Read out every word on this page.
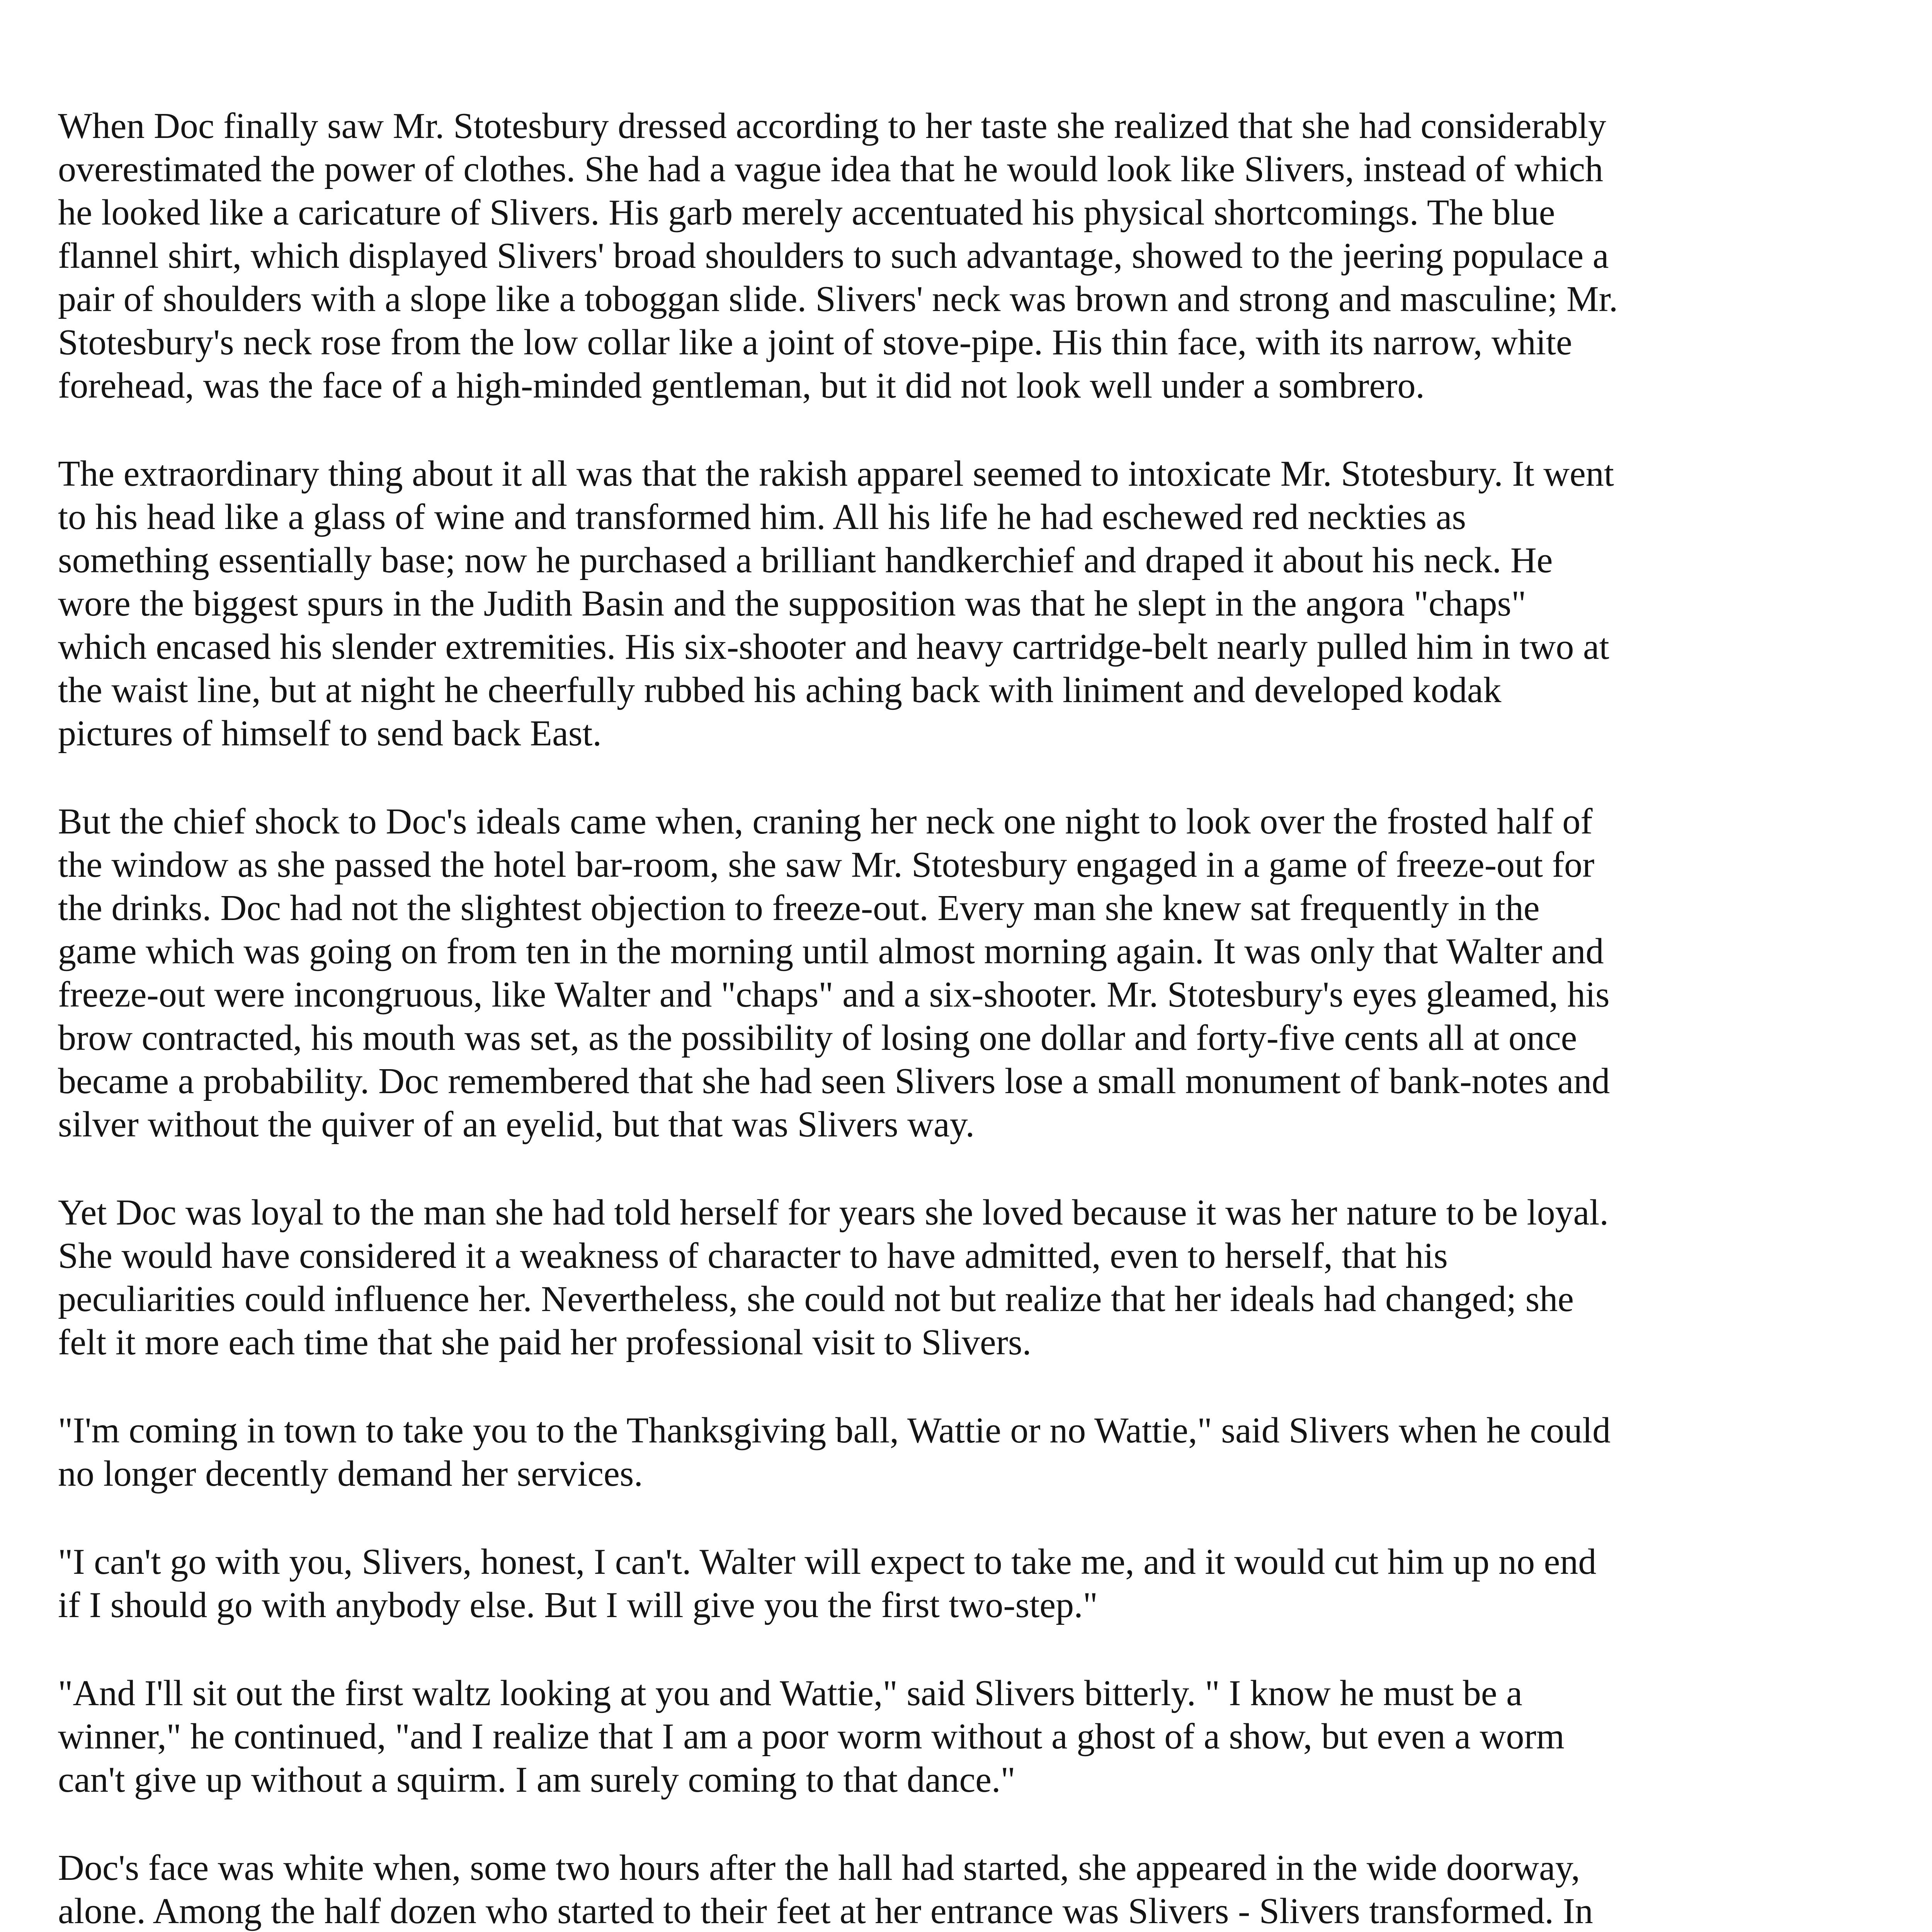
When Doc finally saw Mr. Stotesbury dressed according to her taste she realized that she had considerably
overestimated the power of clothes. She had a vague idea that he would look like Slivers, instead of which
he looked like a caricature of Slivers. His garb merely accentuated his physical shortcomings. The blue
flannel shirt, which displayed Slivers' broad shoulders to such advantage, showed to the jeering populace a
pair of shoulders with a slope like a toboggan slide. Slivers' neck was brown and strong and masculine; Mr.
Stotesbury's neck rose from the low collar like a joint of stove-pipe. His thin face, with its narrow, white
forehead, was the face of a high-minded gentleman, but it did not look well under a sombrero.

The extraordinary thing about it all was that the rakish apparel seemed to intoxicate Mr. Stotesbury. It went
to his head like a glass of wine and transformed him. All his life he had eschewed red neckties as
something essentially base; now he purchased a brilliant handkerchief and draped it about his neck. He
wore the biggest spurs in the Judith Basin and the supposition was that he slept in the angora "chaps"
which encased his slender extremities. His six-shooter and heavy cartridge-belt nearly pulled him in two at
the waist line, but at night he cheerfully rubbed his aching back with liniment and developed kodak
pictures of himself to send back East.

But the chief shock to Doc's ideals came when, craning her neck one night to look over the frosted half of
the window as she passed the hotel bar-room, she saw Mr. Stotesbury engaged in a game of freeze-out for
the drinks. Doc had not the slightest objection to freeze-out. Every man she knew sat frequently in the
game which was going on from ten in the morning until almost morning again. It was only that Walter and
freeze-out were incongruous, like Walter and "chaps" and a six-shooter. Mr. Stotesbury's eyes gleamed, his
brow contracted, his mouth was set, as the possibility of losing one dollar and forty-five cents all at once
became a probability. Doc remembered that she had seen Slivers lose a small monument of bank-notes and
silver without the quiver of an eyelid, but that was Slivers way.

Yet Doc was loyal to the man she had told herself for years she loved because it was her nature to be loyal.
She would have considered it a weakness of character to have admitted, even to herself, that his
peculiarities could influence her. Nevertheless, she could not but realize that her ideals had changed; she
felt it more each time that she paid her professional visit to Slivers.

"I'm coming in town to take you to the Thanksgiving ball, Wattie or no Wattie," said Slivers when he could
no longer decently demand her services.

"I can't go with you, Slivers, honest, I can't. Walter will expect to take me, and it would cut him up no end
if I should go with anybody else. But I will give you the first two-step."

"And I'll sit out the first waltz looking at you and Wattie," said Slivers bitterly. " I know he must be a
winner," he continued, "and I realize that I am a poor worm without a ghost of a show, but even a worm
can't give up without a squirm. I am surely coming to that dance."

Doc's face was white when, some two hours after the hall had started, she appeared in the wide doorway,
alone. Among the half dozen who started to their feet at her entrance was Slivers - Slivers transformed. In
